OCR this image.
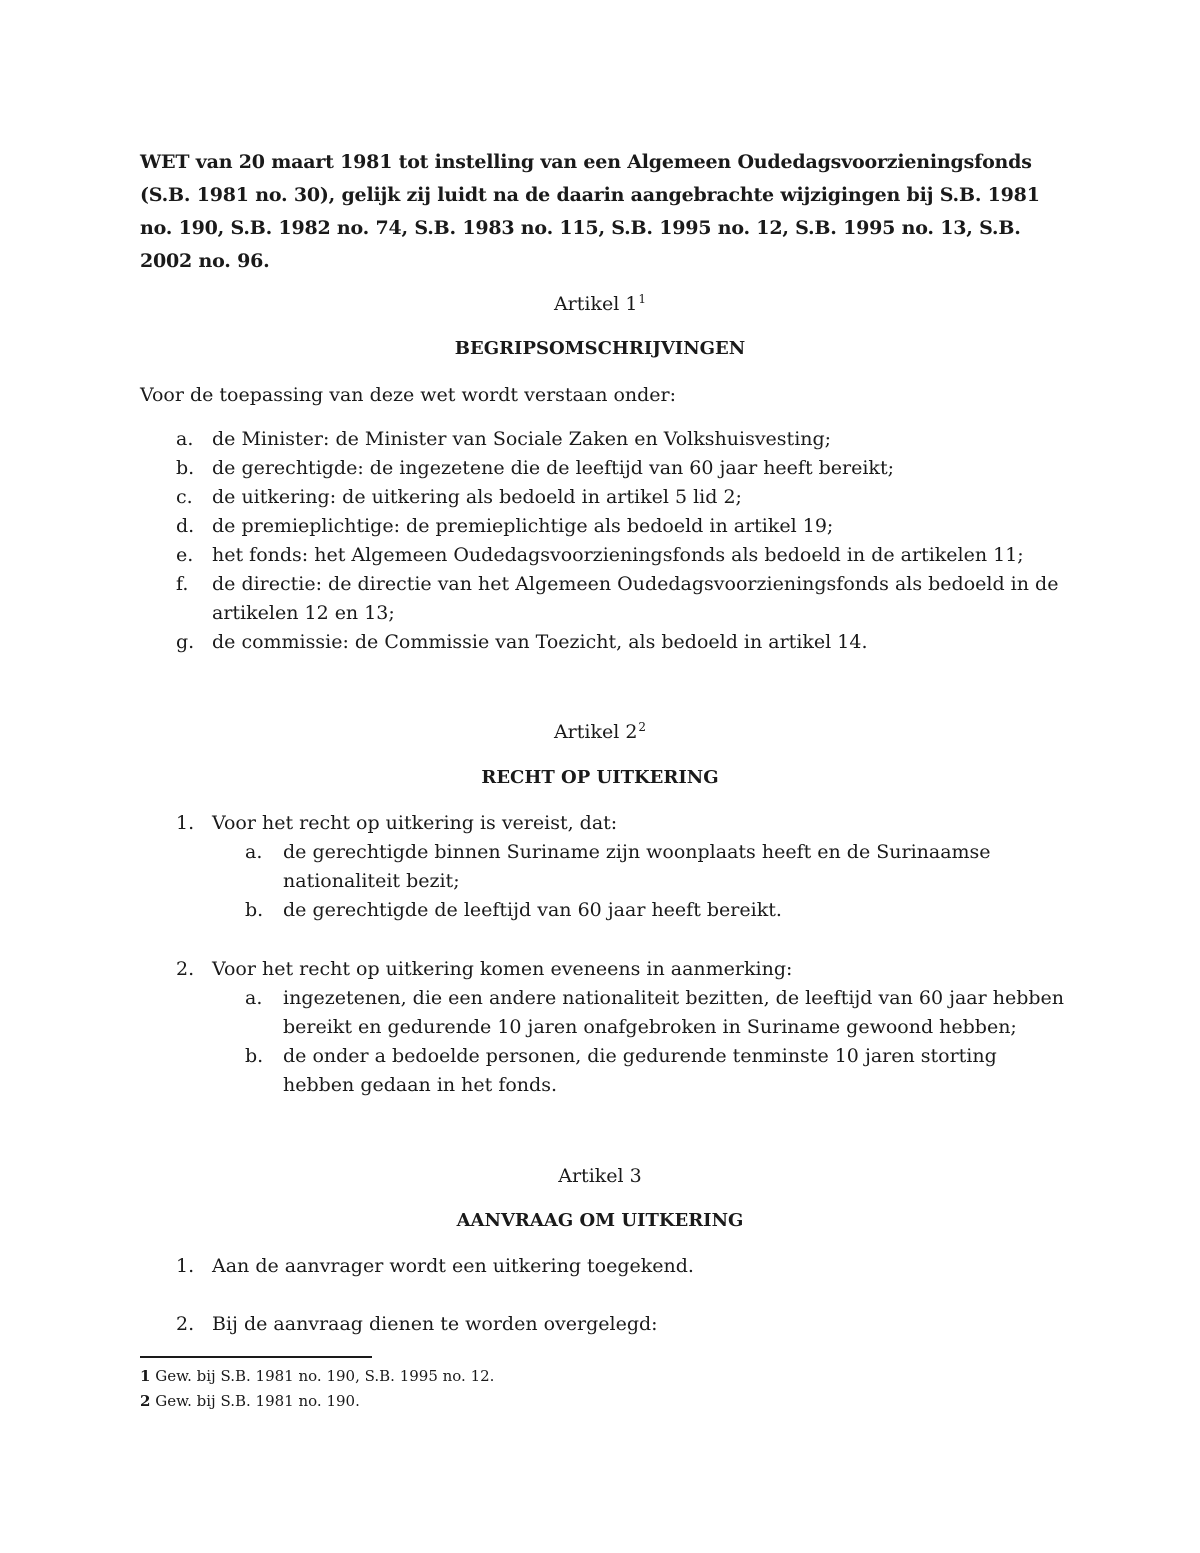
WET van 20 maart 1981 tot instelling van een Algemeen Oudedagsvoorzieningsfonds (S.B. 1981 no. 30), gelijk zij luidt na de daarin aangebrachte wijzigingen bij S.B. 1981 no. 190, S.B. 1982 no. 74, S.B. 1983 no. 115, S.B. 1995 no. 12, S.B. 1995 no. 13, S.B. 2002 no. 96.
Artikel $1^1$
BEGRIPSOMSCHRIJVINGEN
Voor de toepassing van deze wet wordt verstaan onder:
a. de Minister: de Minister van Sociale Zaken en Volkshuisvesting;
b. de gerechtigde: de ingezetene die de leeftijd van 60 jaar heeft bereikt;
c. de uitkering: de uitkering als bedoeld in artikel 5 lid 2;
d. de premieplichtige: de premieplichtige als bedoeld in artikel 19;
e. het fonds: het Algemeen Oudedagsvoorzieningsfonds als bedoeld in de artikelen 11;
f. de directie: de directie van het Algemeen Oudedagsvoorzieningsfonds als bedoeld in de artikelen 12 en 13;
g. de commissie: de Commissie van Toezicht, als bedoeld in artikel 14.
Artikel $2^2$
RECHT OP UITKERING
1. Voor het recht op uitkering is vereist, dat:
a. de gerechtigde binnen Suriname zijn woonplaats heeft en de Surinaamse nationaliteit bezit;
b. de gerechtigde de leeftijd van 60 jaar heeft bereikt.
2. Voor het recht op uitkering komen eveneens in aanmerking:
a. ingezetenen, die een andere nationaliteit bezitten, de leeftijd van 60 jaar hebben bereikt en gedurende 10 jaren onafgebroken in Suriname gewoond hebben;
b. de onder a bedoelde personen, die gedurende tenminste 10 jaren storting hebben gedaan in het fonds.
Artikel 3
AANVRAAG OM UITKERING
1. Aan de aanvrager wordt een uitkering toegekend.
2. Bij de aanvraag dienen te worden overgelegd:
1 Gew. bij S.B. 1981 no. 190, S.B. 1995 no. 12.
2 Gew. bij S.B. 1981 no. 190.
